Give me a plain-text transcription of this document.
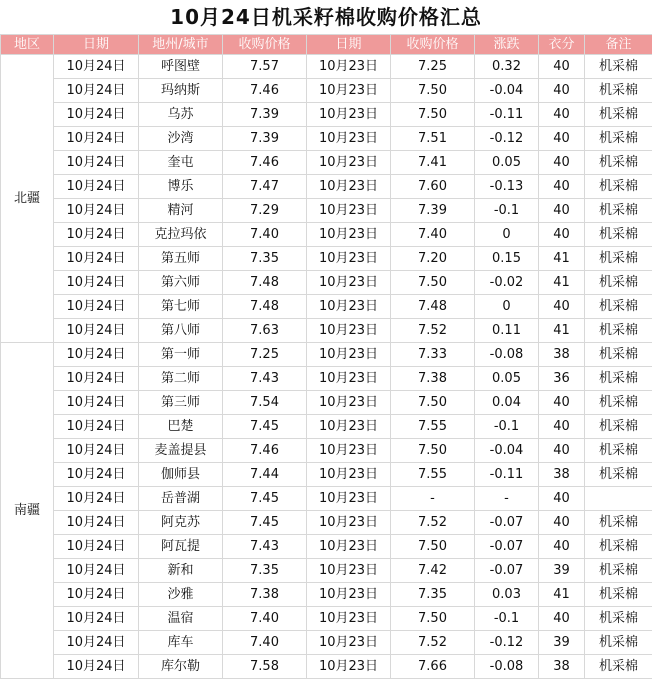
10月24日机采籽棉收购价格汇总
地区	日期	地州/城市	收购价格	日期	收购价格	涨跌	衣分	备注
北疆	10月24日	呼图壁	7.57	10月23日	7.25	0.32	40	机采棉
	10月24日	玛纳斯	7.46	10月23日	7.50	-0.04	40	机采棉
	10月24日	乌苏	7.39	10月23日	7.50	-0.11	40	机采棉
	10月24日	沙湾	7.39	10月23日	7.51	-0.12	40	机采棉
	10月24日	奎屯	7.46	10月23日	7.41	0.05	40	机采棉
	10月24日	博乐	7.47	10月23日	7.60	-0.13	40	机采棉
	10月24日	精河	7.29	10月23日	7.39	-0.1	40	机采棉
	10月24日	克拉玛依	7.40	10月23日	7.40	0	40	机采棉
	10月24日	第五师	7.35	10月23日	7.20	0.15	41	机采棉
	10月24日	第六师	7.48	10月23日	7.50	-0.02	41	机采棉
	10月24日	第七师	7.48	10月23日	7.48	0	40	机采棉
	10月24日	第八师	7.63	10月23日	7.52	0.11	41	机采棉
南疆	10月24日	第一师	7.25	10月23日	7.33	-0.08	38	机采棉
	10月24日	第二师	7.43	10月23日	7.38	0.05	36	机采棉
	10月24日	第三师	7.54	10月23日	7.50	0.04	40	机采棉
	10月24日	巴楚	7.45	10月23日	7.55	-0.1	40	机采棉
	10月24日	麦盖提县	7.46	10月23日	7.50	-0.04	40	机采棉
	10月24日	伽师县	7.44	10月23日	7.55	-0.11	38	机采棉
	10月24日	岳普湖	7.45	10月23日	-	-	40	
	10月24日	阿克苏	7.45	10月23日	7.52	-0.07	40	机采棉
	10月24日	阿瓦提	7.43	10月23日	7.50	-0.07	40	机采棉
	10月24日	新和	7.35	10月23日	7.42	-0.07	39	机采棉
	10月24日	沙雅	7.38	10月23日	7.35	0.03	41	机采棉
	10月24日	温宿	7.40	10月23日	7.50	-0.1	40	机采棉
	10月24日	库车	7.40	10月23日	7.52	-0.12	39	机采棉
	10月24日	库尔勒	7.58	10月23日	7.66	-0.08	38	机采棉
